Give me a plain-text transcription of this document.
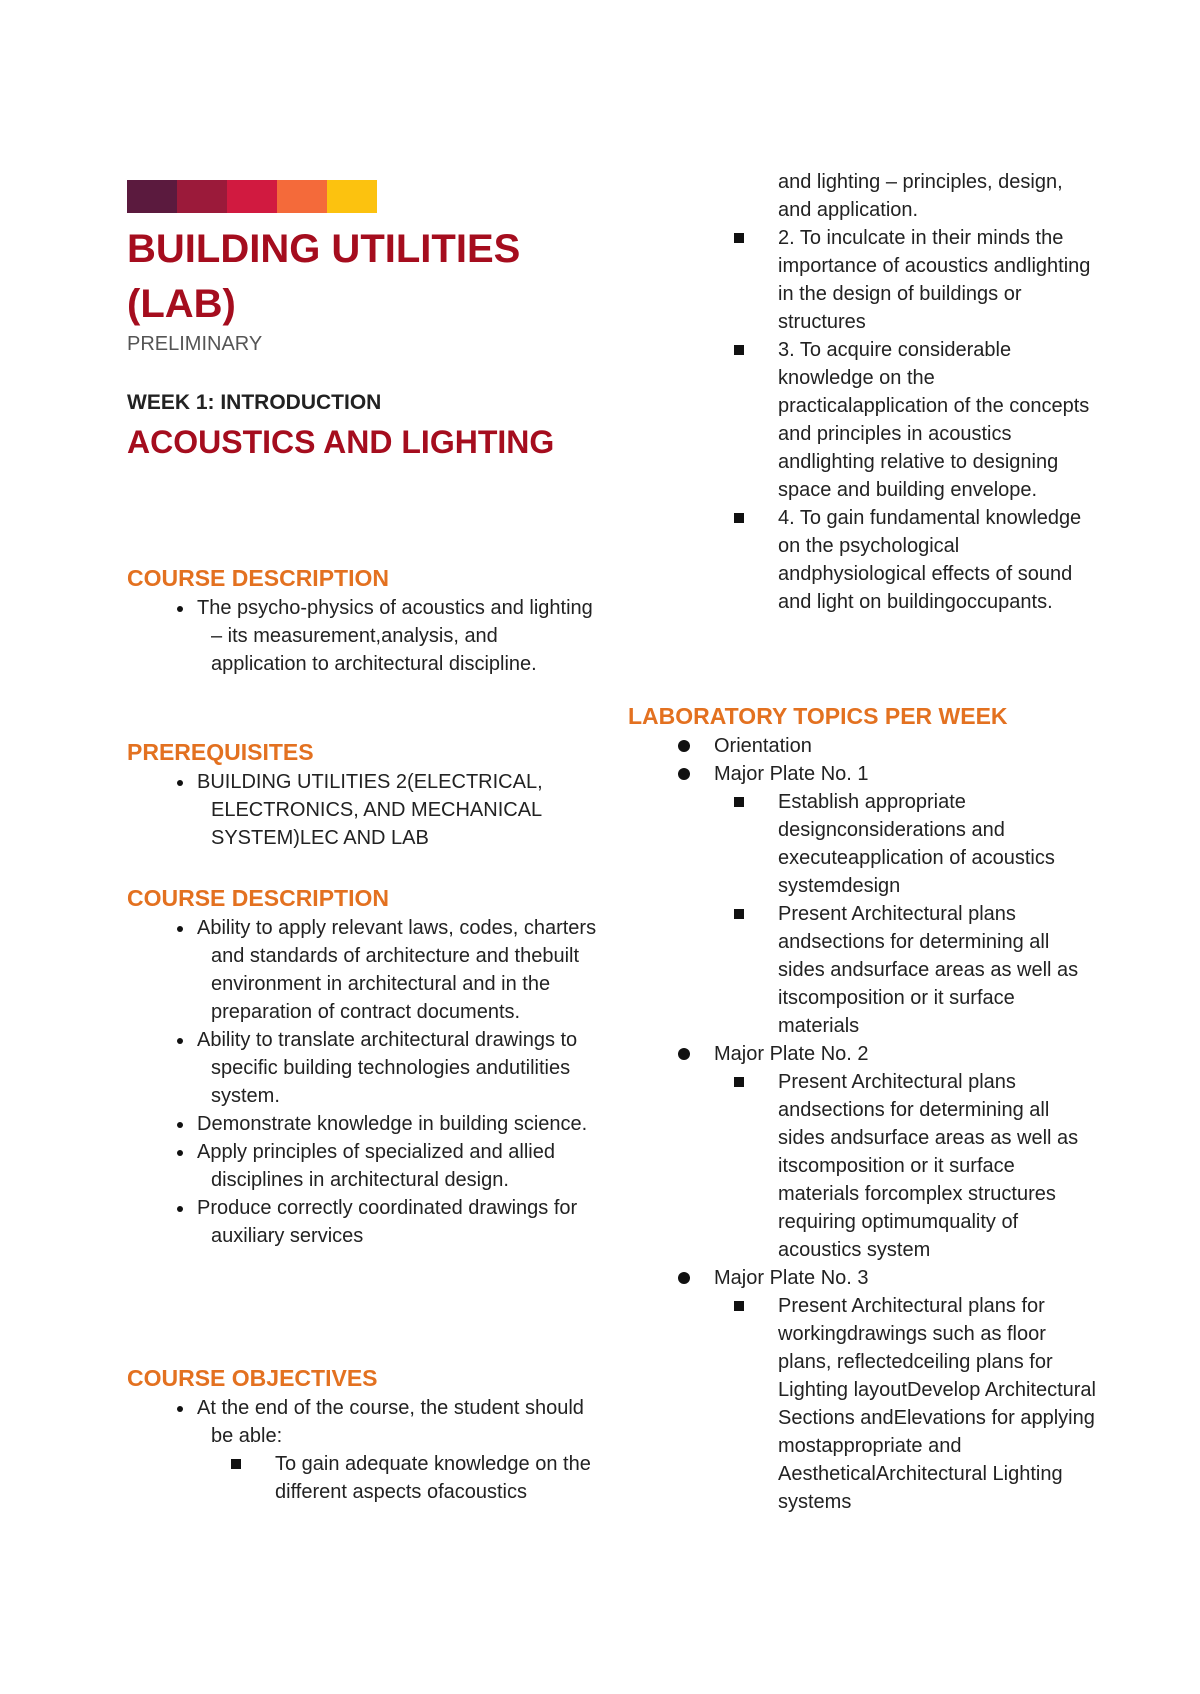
BUILDING UTILITIES (LAB)

PRELIMINARY

WEEK 1: INTRODUCTION

ACOUSTICS AND LIGHTING
COURSE DESCRIPTION
The psycho-physics of acoustics and lighting – its measurement,analysis, and application to architectural discipline.
PREREQUISITES
BUILDING UTILITIES 2(ELECTRICAL, ELECTRONICS, AND MECHANICAL SYSTEM)LEC AND LAB
COURSE DESCRIPTION
Ability to apply relevant laws, codes, charters and standards of architecture and thebuilt environment in architectural and in the preparation of contract documents.
Ability to translate architectural drawings to specific building technologies andutilities system.
Demonstrate knowledge in building science.
Apply principles of specialized and allied disciplines in architectural design.
Produce correctly coordinated drawings for auxiliary services
COURSE OBJECTIVES
At the end of the course, the student should be able:
To gain adequate knowledge on the different aspects ofacoustics
and lighting – principles, design, and application.
2. To inculcate in their minds the importance of acoustics andlighting in the design of buildings or structures
3. To acquire considerable knowledge on the practicalapplication of the concepts and principles in acoustics andlighting relative to designing space and building envelope.
4. To gain fundamental knowledge on the psychological andphysiological effects of sound and light on buildingoccupants.
LABORATORY TOPICS PER WEEK
Orientation
Major Plate No. 1
Establish appropriate designconsiderations and executeapplication of acoustics systemdesign
Present Architectural plans andsections for determining all sides andsurface areas as well as itscomposition or it surface materials
Major Plate No. 2
Present Architectural plans andsections for determining all sides andsurface areas as well as itscomposition or it surface materials forcomplex structures requiring optimumquality of acoustics system
Major Plate No. 3
Present Architectural plans for workingdrawings such as floor plans, reflectedceiling plans for Lighting layoutDevelop Architectural Sections andElevations for applying mostappropriate and AestheticalArchitectural Lighting systems
